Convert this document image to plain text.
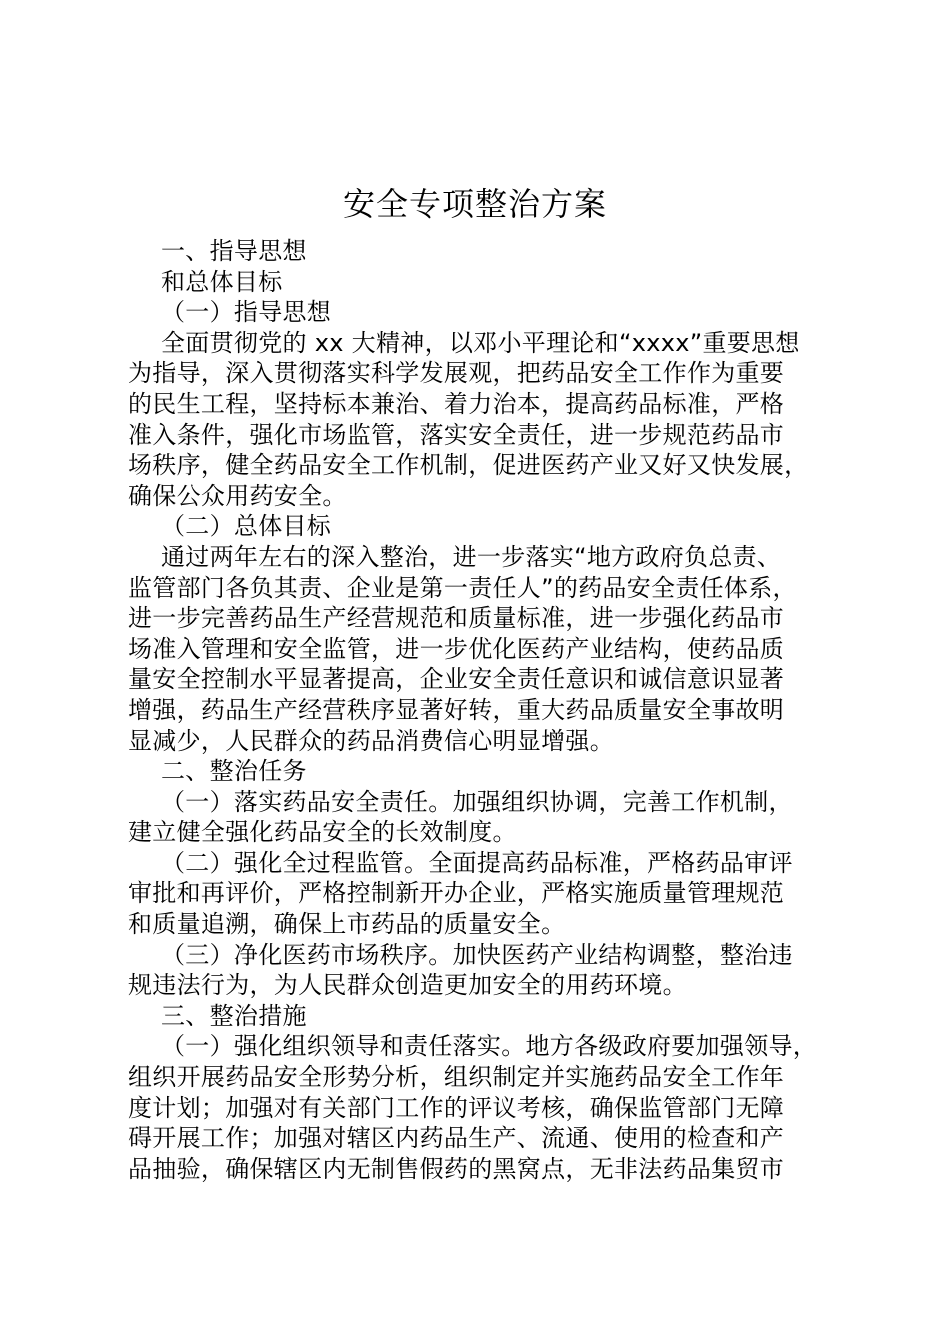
安全专项整治方案
一、指导思想
和总体目标
（一）指导思想
全面贯彻党的 xx 大精神，以邓小平理论和“xxxx”重要思想
为指导，深入贯彻落实科学发展观，把药品安全工作作为重要
的民生工程，坚持标本兼治、着力治本，提高药品标准，严格
准入条件，强化市场监管，落实安全责任，进一步规范药品市
场秩序，健全药品安全工作机制，促进医药产业又好又快发展，
确保公众用药安全。
（二）总体目标
通过两年左右的深入整治，进一步落实“地方政府负总责、
监管部门各负其责、企业是第一责任人”的药品安全责任体系，
进一步完善药品生产经营规范和质量标准，进一步强化药品市
场准入管理和安全监管，进一步优化医药产业结构，使药品质
量安全控制水平显著提高，企业安全责任意识和诚信意识显著
增强，药品生产经营秩序显著好转，重大药品质量安全事故明
显减少，人民群众的药品消费信心明显增强。
二、整治任务
（一）落实药品安全责任。加强组织协调，完善工作机制，
建立健全强化药品安全的长效制度。
（二）强化全过程监管。全面提高药品标准，严格药品审评
审批和再评价，严格控制新开办企业，严格实施质量管理规范
和质量追溯，确保上市药品的质量安全。
（三）净化医药市场秩序。加快医药产业结构调整，整治违
规违法行为，为人民群众创造更加安全的用药环境。
三、整治措施
（一）强化组织领导和责任落实。地方各级政府要加强领导，
组织开展药品安全形势分析，组织制定并实施药品安全工作年
度计划；加强对有关部门工作的评议考核，确保监管部门无障
碍开展工作；加强对辖区内药品生产、流通、使用的检查和产
品抽验，确保辖区内无制售假药的黑窝点，无非法药品集贸市
